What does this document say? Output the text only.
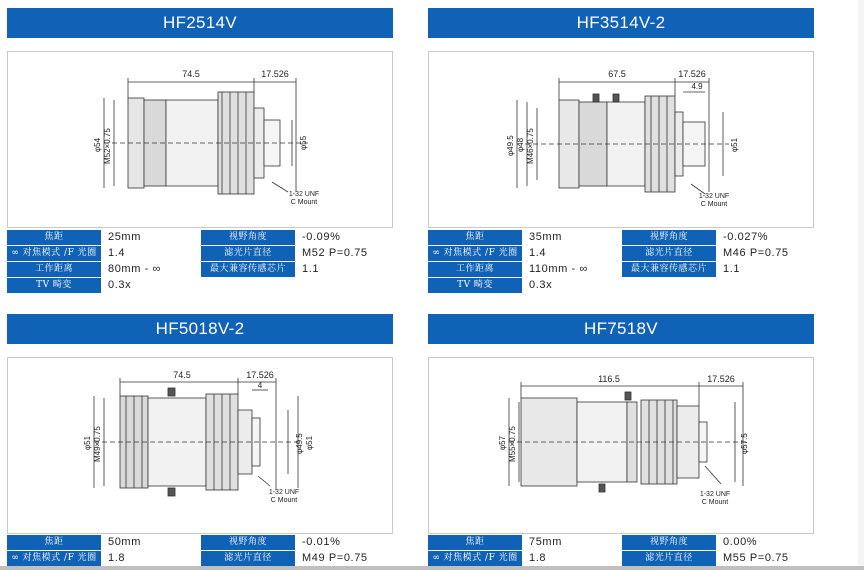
HF2514V
74.5	17.526
φ54 M52×0.75	φ55
1-32 UNF
C Mount
焦距	25mm	视野角度	-0.09%
∞ 对焦模式 /F 光圈	1.4	滤光片直径	M52 P=0.75
工作距离	80mm - ∞	最大兼容传感芯片	1.1
TV 畸变	0.3x		
HF3514V-2
67.5	17.526
4.9
φ49.5 φ48 M46×0.75	φ51
1-32 UNF
C Mount
焦距	35mm	视野角度	-0.027%
∞ 对焦模式 /F 光圈	1.4	滤光片直径	M46 P=0.75
工作距离	110mm - ∞	最大兼容传感芯片	1.1
TV 畸变	0.3x		
HF5018V-2
74.5	17.526
4
φ51 M49×0.75	φ49.5 φ51
1-32 UNF
C Mount
焦距	50mm	视野角度	-0.01%
∞ 对焦模式 /F 光圈	1.8	滤光片直径	M49 P=0.75
HF7518V
116.5	17.526
φ57 M55×0.75	φ57.5
1-32 UNF
C Mount
焦距	75mm	视野角度	0.00%
∞ 对焦模式 /F 光圈	1.8	滤光片直径	M55 P=0.75
